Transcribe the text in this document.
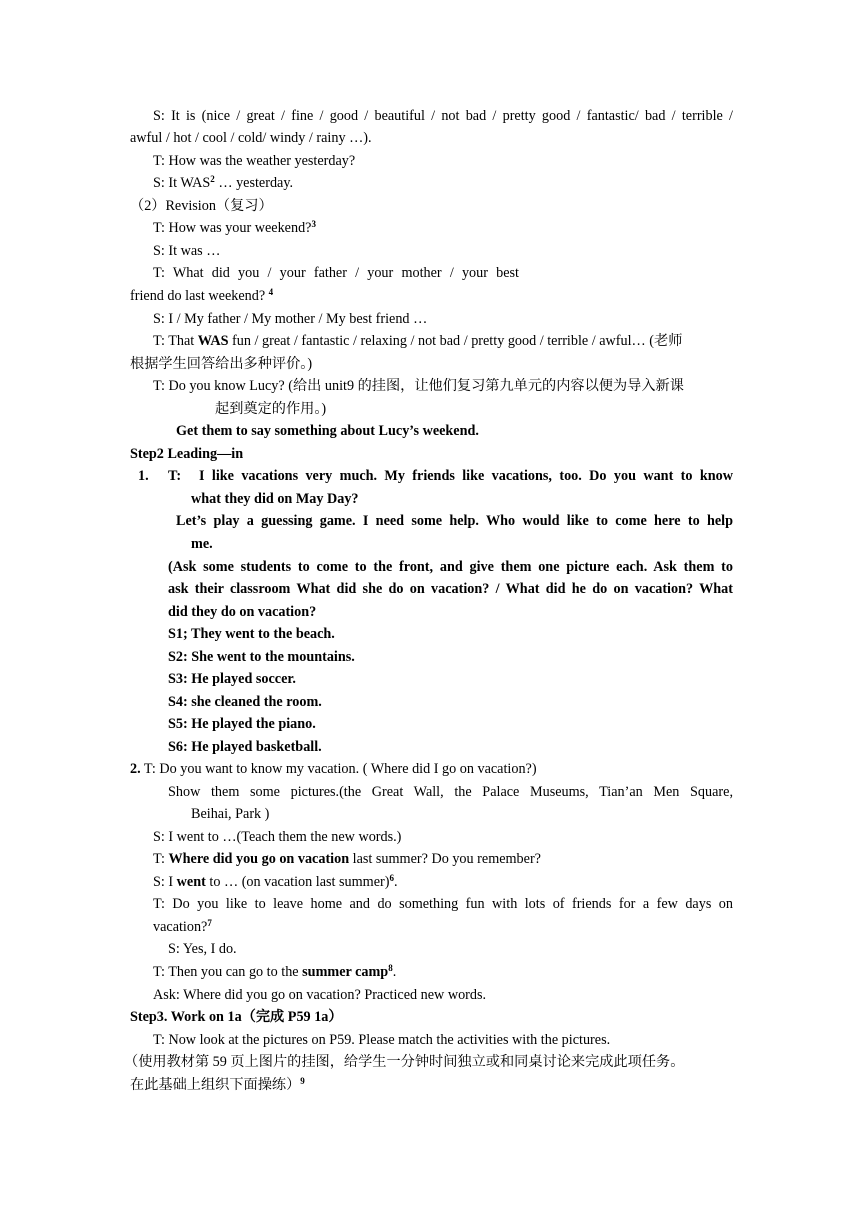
S: It is (nice / great / fine / good / beautiful / not bad / pretty good / fantastic/ bad / terrible /
awful / hot / cool / cold/ windy / rainy …).
T: How was the weather yesterday?
S: It WAS$^2$ … yesterday.
（2）Revision（复习）
T: How was your weekend?$^3$
S: It was …
T: What did you / your father / your mother / your best
friend do last weekend? $^4$
S: I / My father / My mother / My best friend …
T: That WAS fun / great / fantastic / relaxing / not bad / pretty good / terrible / awful… (老师
根据学生回答给出多种评价。)
T: Do you know Lucy? (给出 unit9 的挂图，让他们复习第九单元的内容以便为导入新课
起到奠定的作用。)
Get them to say something about Lucy’s weekend.
Step2 Leading—in
1. T: I like vacations very much. My friends like vacations, too. Do you want to know
what they did on May Day?
Let’s play a guessing game. I need some help. Who would like to come here to help
me.
(Ask some students to come to the front, and give them one picture each. Ask them to
ask their classroom What did she do on vacation? / What did he do on vacation? What
did they do on vacation?
S1; They went to the beach.
S2: She went to the mountains.
S3: He played soccer.
S4: she cleaned the room.
S5: He played the piano.
S6: He played basketball.
2. T: Do you want to know my vacation. ( Where did I go on vacation?)
Show them some pictures.(the Great Wall, the Palace Museums, Tian’an Men Square,
Beihai, Park )
S: I went to …(Teach them the new words.)
T: Where did you go on vacation last summer? Do you remember?
S: I went to … (on vacation last summer)$^6$.
T: Do you like to leave home and do something fun with lots of friends for a few days on
vacation?$^7$
S: Yes, I do.
T: Then you can go to the summer camp$^8$.
Ask: Where did you go on vacation? Practiced new words.
Step3. Work on 1a（完成 P59 1a）
T: Now look at the pictures on P59. Please match the activities with the pictures.
（使用教材第 59 页上图片的挂图，给学生一分钟时间独立或和同桌讨论来完成此项任务。
在此基础上组织下面操练）$^9$
